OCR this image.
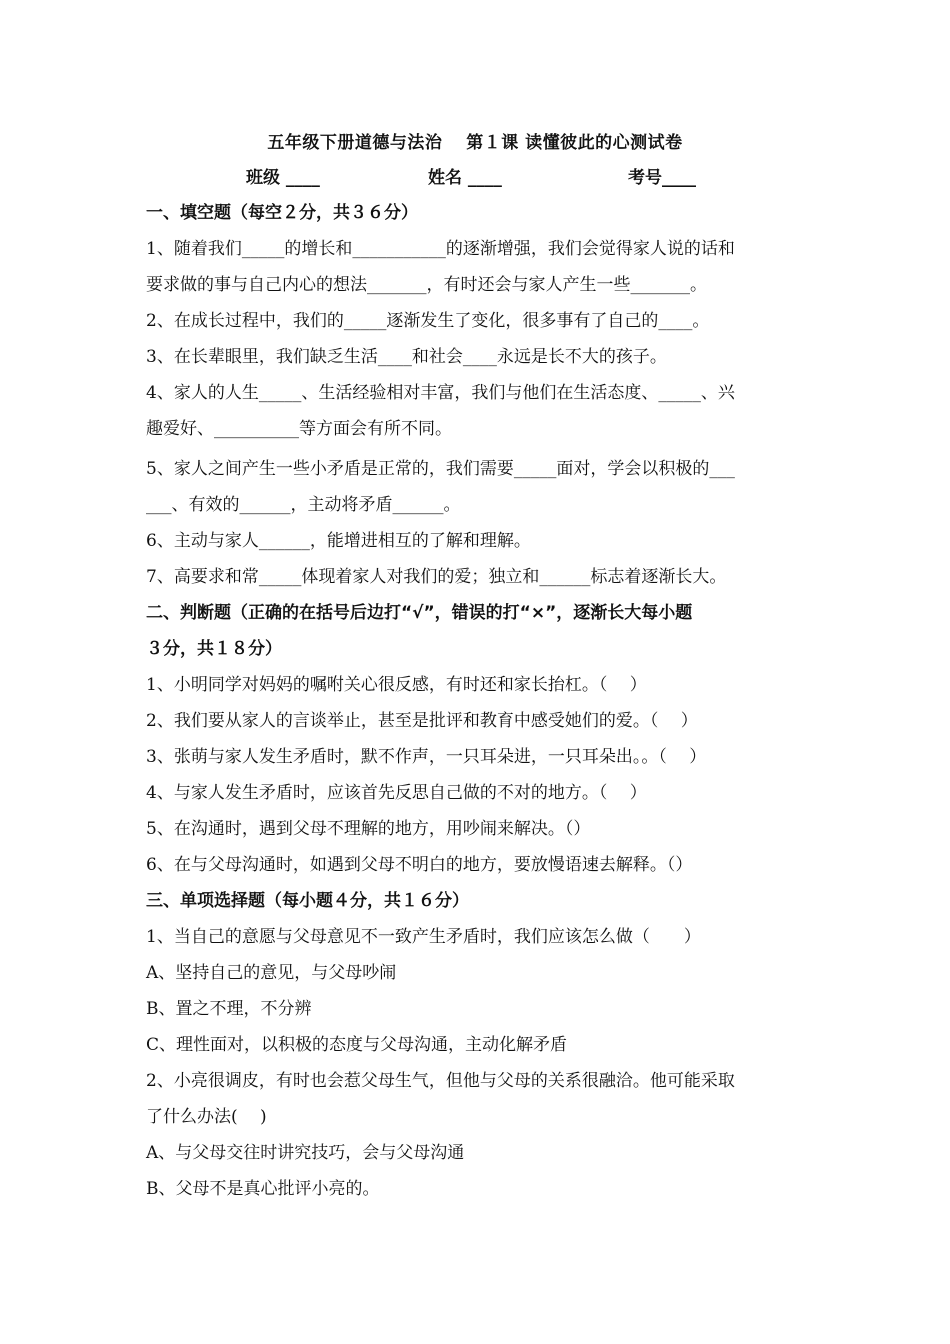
五年级下册道德与法治　 第１课 读懂彼此的心测试卷
班级 ____	姓名 ____	考号____
一、填空题（每空２分，共３６分）
1、随着我们_____的增长和___________的逐渐增强，我们会觉得家人说的话和
要求做的事与自己内心的想法_______，有时还会与家人产生一些_______。
2、在成长过程中，我们的_____逐渐发生了变化，很多事有了自己的____。
3、在长辈眼里，我们缺乏生活____和社会____永远是长不大的孩子。
4、家人的人生_____、生活经验相对丰富，我们与他们在生活态度、_____、兴
趣爱好、__________等方面会有所不同。
5、家人之间产生一些小矛盾是正常的，我们需要_____面对，学会以积极的___
___、有效的______，主动将矛盾______。
6、主动与家人______，能增进相互的了解和理解。
7、高要求和常_____体现着家人对我们的爱；独立和______标志着逐渐长大。
二、判断题（正确的在括号后边打“√”，错误的打“×”，逐渐长大每小题
３分，共１８分）
1、小明同学对妈妈的嘱咐关心很反感，有时还和家长抬杠。（　 ）
2、我们要从家人的言谈举止，甚至是批评和教育中感受她们的爱。（　 ）
3、张萌与家人发生矛盾时，默不作声，一只耳朵进，一只耳朵出。。（　 ）
4、与家人发生矛盾时，应该首先反思自己做的不对的地方。（　 ）
5、在沟通时，遇到父母不理解的地方，用吵闹来解决。（）
6、在与父母沟通时，如遇到父母不明白的地方，要放慢语速去解释。（）
三、单项选择题（每小题４分，共１６分）
1、当自己的意愿与父母意见不一致产生矛盾时，我们应该怎么做（　　）
A、坚持自己的意见，与父母吵闹
B、置之不理，不分辨
C、理性面对，以积极的态度与父母沟通，主动化解矛盾
2、小亮很调皮，有时也会惹父母生气，但他与父母的关系很融洽。他可能采取
了什么办法(　 )
A、与父母交往时讲究技巧，会与父母沟通
B、父母不是真心批评小亮的。
